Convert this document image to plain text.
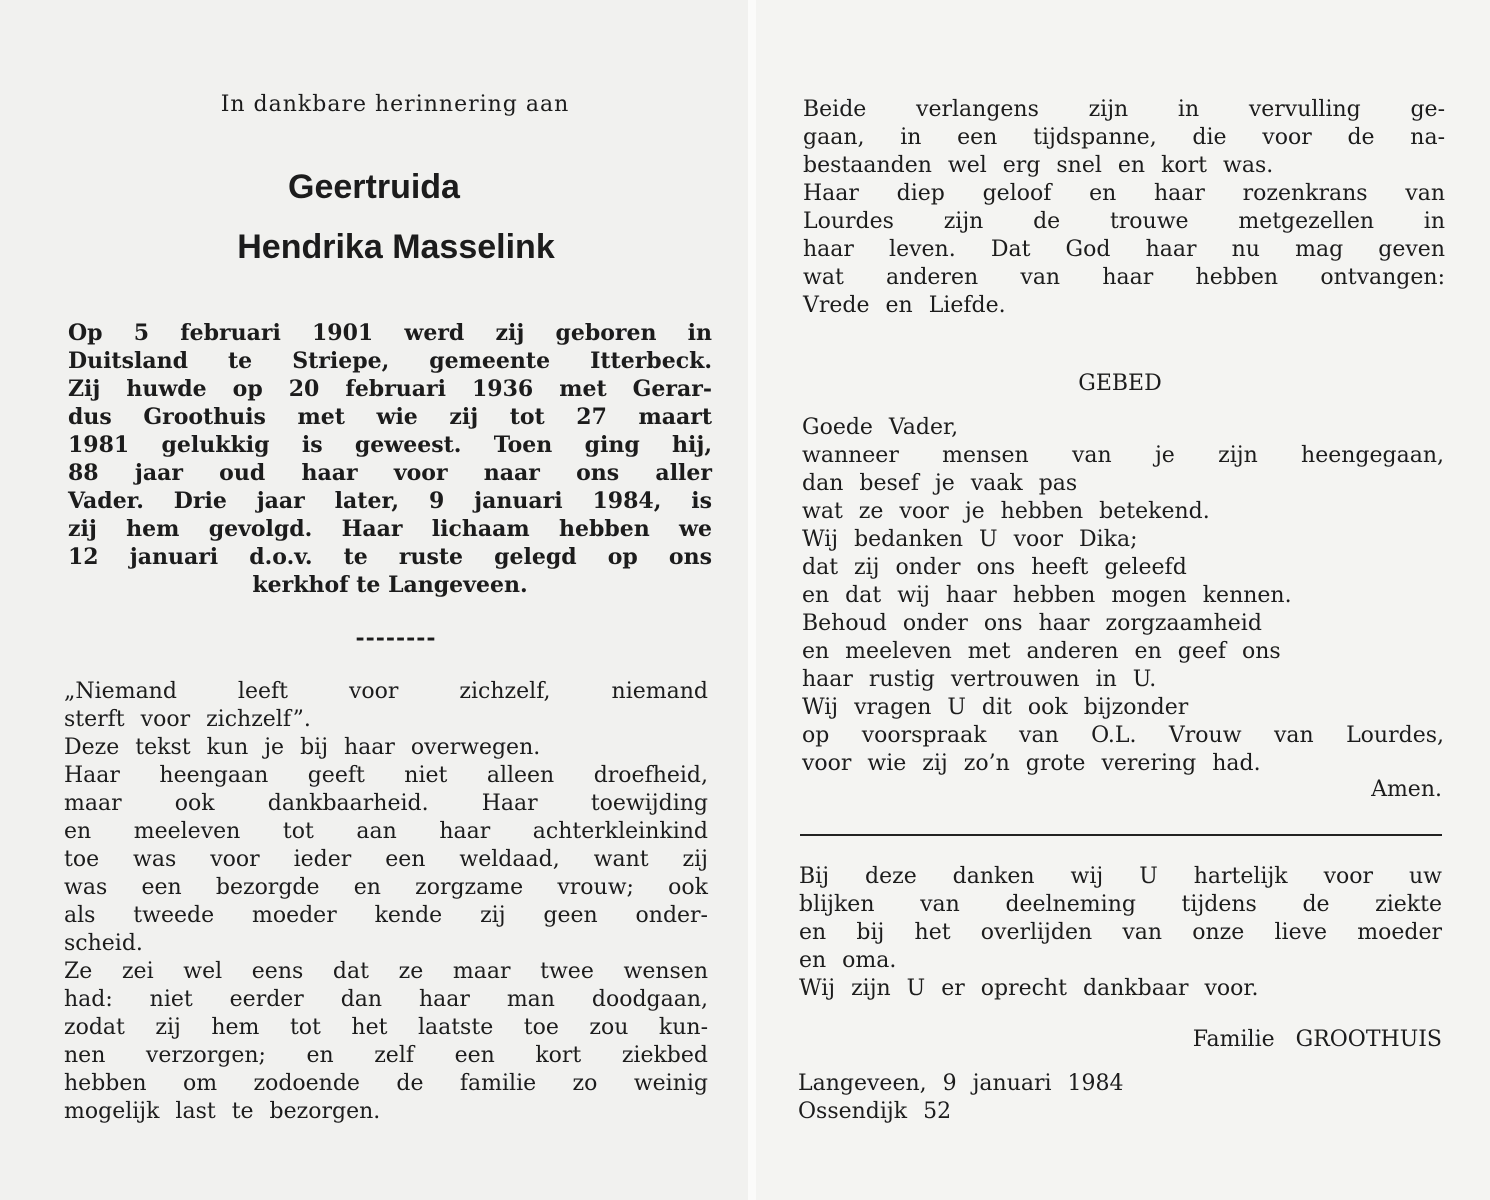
In dankbare herinnering aan
Geertruida
Hendrika Masselink
Op 5 februari 1901 werd zij geboren in
Duitsland te Striepe, gemeente Itterbeck.
Zij huwde op 20 februari 1936 met Gerar-
dus Groothuis met wie zij tot 27 maart
1981 gelukkig is geweest. Toen ging hij,
88 jaar oud haar voor naar ons aller
Vader. Drie jaar later, 9 januari 1984, is
zij hem gevolgd. Haar lichaam hebben we
12 januari d.o.v. te ruste gelegd op ons
kerkhof te Langeveen.
--------
„Niemand leeft voor zichzelf, niemand
sterft voor zichzelf”.
Deze tekst kun je bij haar overwegen.
Haar heengaan geeft niet alleen droefheid,
maar ook dankbaarheid. Haar toewijding
en meeleven tot aan haar achterkleinkind
toe was voor ieder een weldaad, want zij
was een bezorgde en zorgzame vrouw; ook
als tweede moeder kende zij geen onder-
scheid.
Ze zei wel eens dat ze maar twee wensen
had: niet eerder dan haar man doodgaan,
zodat zij hem tot het laatste toe zou kun-
nen verzorgen; en zelf een kort ziekbed
hebben om zodoende de familie zo weinig
mogelijk last te bezorgen.
Beide verlangens zijn in vervulling ge-
gaan, in een tijdspanne, die voor de na-
bestaanden wel erg snel en kort was.
Haar diep geloof en haar rozenkrans van
Lourdes zijn de trouwe metgezellen in
haar leven. Dat God haar nu mag geven
wat anderen van haar hebben ontvangen:
Vrede en Liefde.
GEBED
Goede Vader,
wanneer mensen van je zijn heengegaan,
dan besef je vaak pas
wat ze voor je hebben betekend.
Wij bedanken U voor Dika;
dat zij onder ons heeft geleefd
en dat wij haar hebben mogen kennen.
Behoud onder ons haar zorgzaamheid
en meeleven met anderen en geef ons
haar rustig vertrouwen in U.
Wij vragen U dit ook bijzonder
op voorspraak van O.L. Vrouw van Lourdes,
voor wie zij zo’n grote verering had.
Amen.
Bij deze danken wij U hartelijk voor uw
blijken van deelneming tijdens de ziekte
en bij het overlijden van onze lieve moeder
en oma.
Wij zijn U er oprecht dankbaar voor.
Familie GROOTHUIS
Langeveen, 9 januari 1984
Ossendijk 52
